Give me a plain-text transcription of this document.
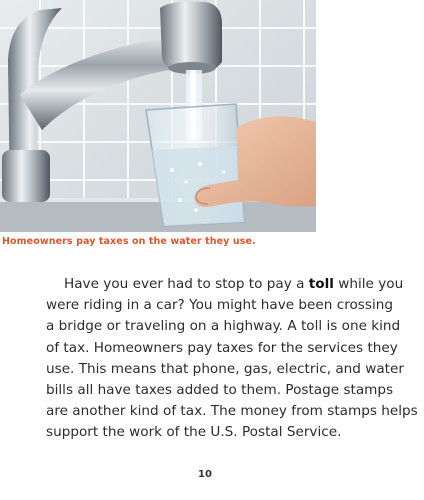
Homeowners pay taxes on the water they use.

Have you ever had to stop to pay a toll while you
were riding in a car? You might have been crossing
a bridge or traveling on a highway. A toll is one kind
of tax. Homeowners pay taxes for the services they
use. This means that phone, gas, electric, and water
bills all have taxes added to them. Postage stamps
are another kind of tax. The money from stamps helps
support the work of the U.S. Postal Service.

10
